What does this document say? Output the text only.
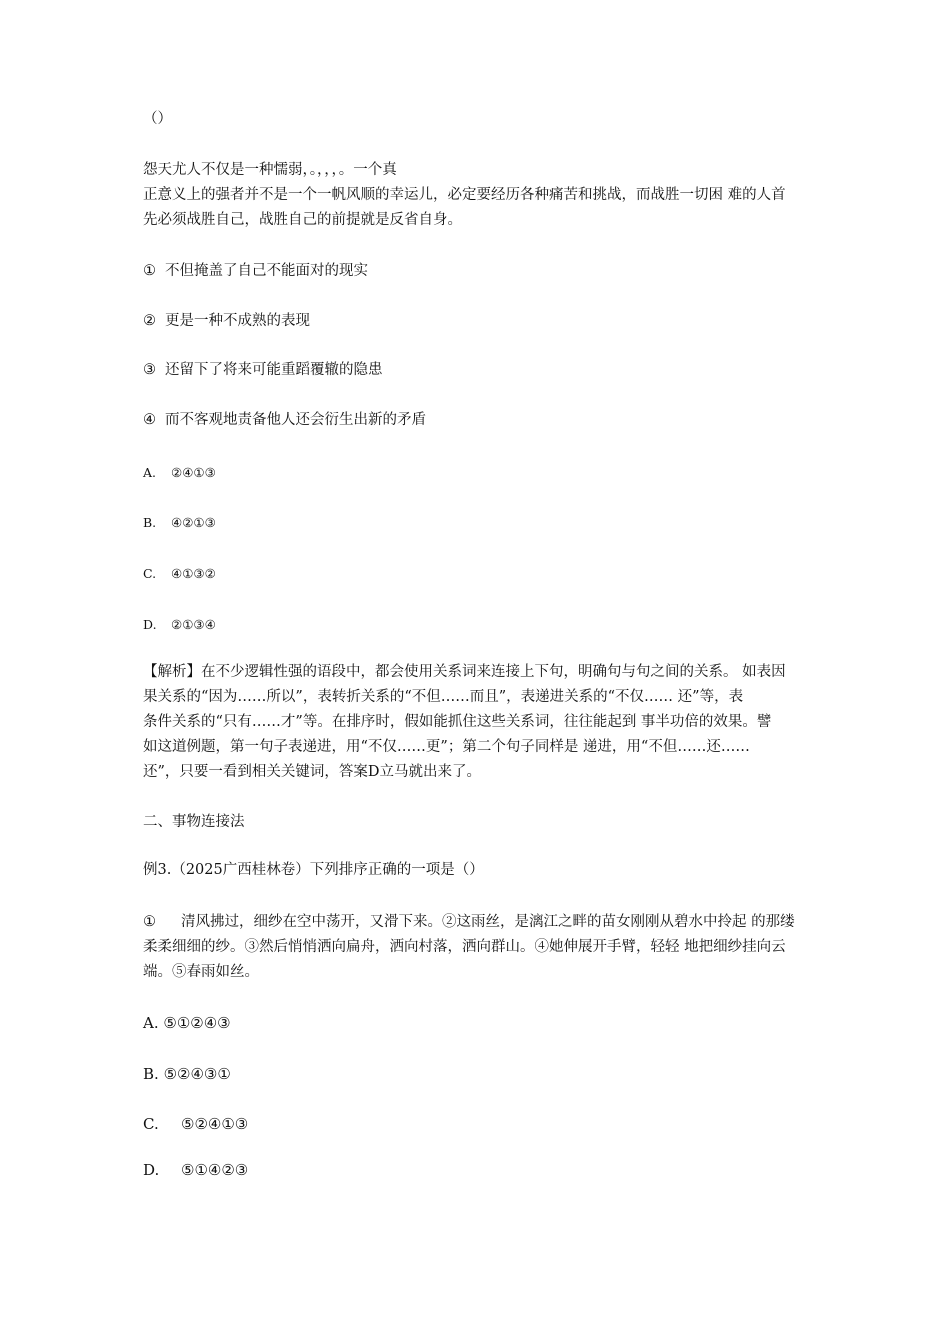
（）

怨天尤人不仅是一种懦弱，。，，，。一个真

正意义上的强者并不是一个一帆风顺的幸运儿，必定要经历各种痛苦和挑战，而战胜一切困 难的人首

先必须战胜自己，战胜自己的前提就是反省自身。

① 不但掩盖了自己不能面对的现实

② 更是一种不成熟的表现

③ 还留下了将来可能重蹈覆辙的隐患

④ 而不客观地责备他人还会衍生出新的矛盾

A. ②④①③

B. ④②①③

C. ④①③②

D. ②①③④

【解析】在不少逻辑性强的语段中，都会使用关系词来连接上下句，明确句与句之间的关系。 如表因

果关系的“因为……所以”，表转折关系的“不但……而且”，表递进关系的“不仅…… 还”等，表

条件关系的“只有……才”等。在排序时，假如能抓住这些关系词，往往能起到 事半功倍的效果。譬

如这道例题，第一句子表递进，用“不仅……更”；第二个句子同样是 递进，用“不但……还……

还”，只要一看到相关关键词，答案D立马就出来了。

二、事物连接法

例3.（2025广西桂林卷）下列排序正确的一项是（）

① 清风拂过，细纱在空中荡开，又滑下来。②这雨丝，是漓江之畔的苗女刚刚从碧水中拎起 的那缕

柔柔细细的纱。③然后悄悄洒向扁舟，洒向村落，洒向群山。④她伸展开手臂，轻轻 地把细纱挂向云

端。⑤春雨如丝。

A. ⑤①②④③

B. ⑤②④③①

C. ⑤②④①③

D. ⑤①④②③
